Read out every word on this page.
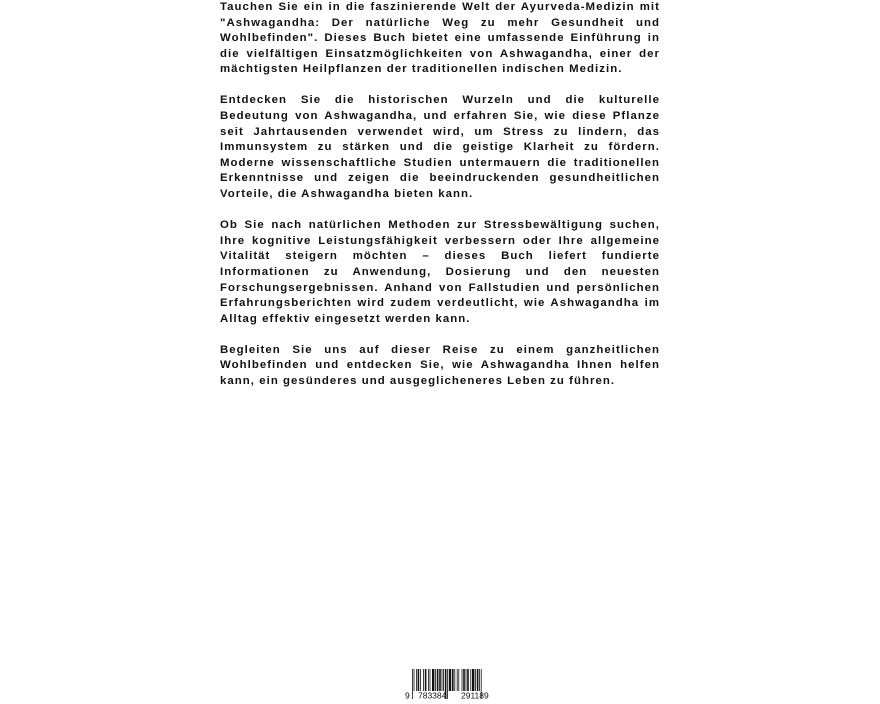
Tauchen Sie ein in die faszinierende Welt der Ayurveda-Medizin mit "Ashwagandha: Der natürliche Weg zu mehr Gesundheit und Wohlbefinden". Dieses Buch bietet eine umfassende Einführung in die vielfältigen Einsatzmöglichkeiten von Ashwagandha, einer der mächtigsten Heilpflanzen der traditionellen indischen Medizin.

Entdecken Sie die historischen Wurzeln und die kulturelle Bedeutung von Ashwagandha, und erfahren Sie, wie diese Pflanze seit Jahrtausenden verwendet wird, um Stress zu lindern, das Immunsystem zu stärken und die geistige Klarheit zu fördern. Moderne wissenschaftliche Studien untermauern die traditionellen Erkenntnisse und zeigen die beeindruckenden gesundheitlichen Vorteile, die Ashwagandha bieten kann.

Ob Sie nach natürlichen Methoden zur Stressbewältigung suchen, Ihre kognitive Leistungsfähigkeit verbessern oder Ihre allgemeine Vitalität steigern möchten – dieses Buch liefert fundierte Informationen zu Anwendung, Dosierung und den neuesten Forschungsergebnissen. Anhand von Fallstudien und persönlichen Erfahrungsberichten wird zudem verdeutlicht, wie Ashwagandha im Alltag effektiv eingesetzt werden kann.

Begleiten Sie uns auf dieser Reise zu einem ganzheitlichen Wohlbefinden und entdecken Sie, wie Ashwagandha Ihnen helfen kann, ein gesünderes und ausgeglicheneres Leben zu führen.

9 783384 291189
